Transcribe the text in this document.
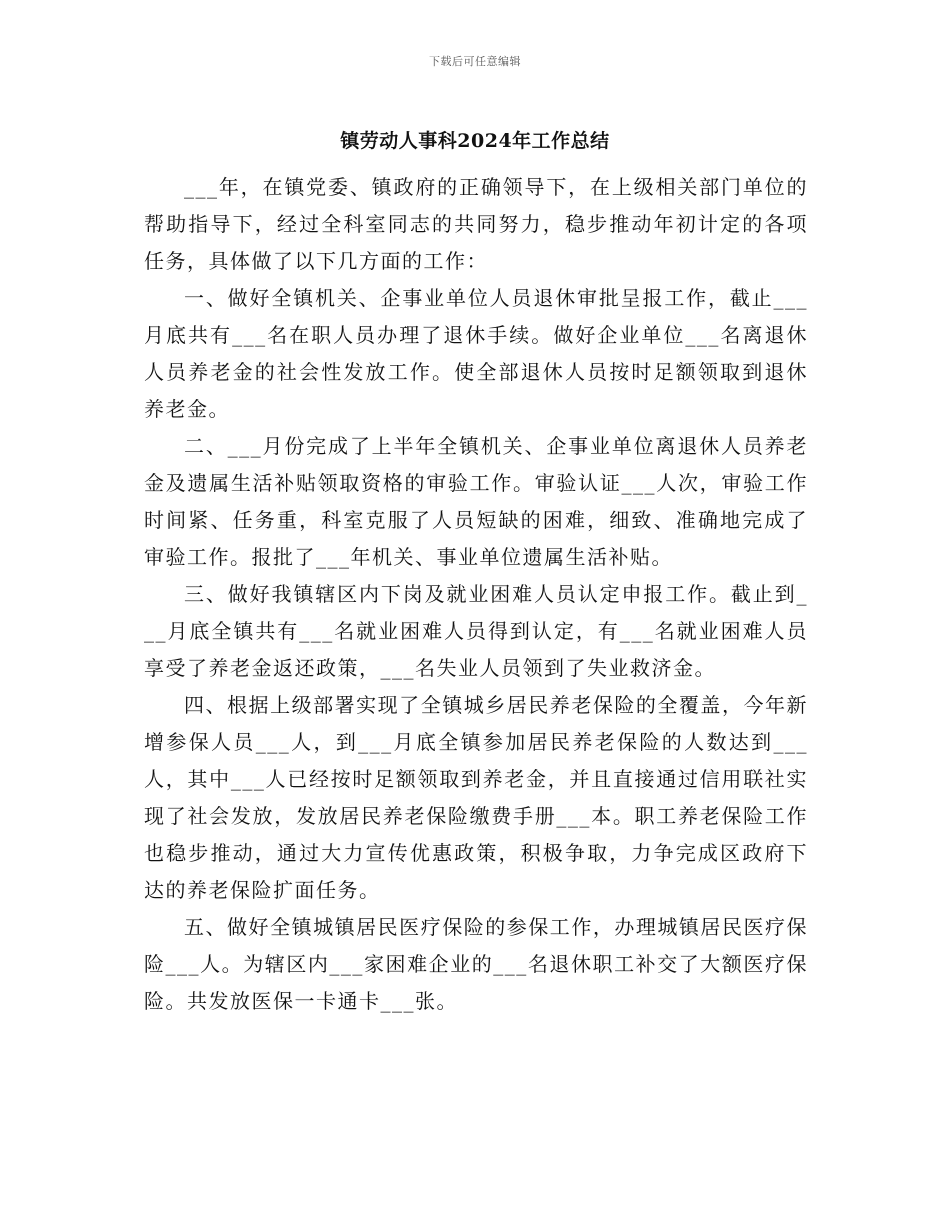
下载后可任意编辑
镇劳动人事科2024年工作总结

___年，在镇党委、镇政府的正确领导下，在上级相关部门单位的帮助指导下，经过全科室同志的共同努力，稳步推动年初计定的各项任务，具体做了以下几方面的工作：

一、做好全镇机关、企事业单位人员退休审批呈报工作，截止___月底共有___名在职人员办理了退休手续。做好企业单位___名离退休人员养老金的社会性发放工作。使全部退休人员按时足额领取到退休养老金。

二、___月份完成了上半年全镇机关、企事业单位离退休人员养老金及遗属生活补贴领取资格的审验工作。审验认证___人次，审验工作时间紧、任务重，科室克服了人员短缺的困难，细致、准确地完成了审验工作。报批了___年机关、事业单位遗属生活补贴。

三、做好我镇辖区内下岗及就业困难人员认定申报工作。截止到___月底全镇共有___名就业困难人员得到认定，有___名就业困难人员享受了养老金返还政策，___名失业人员领到了失业救济金。

四、根据上级部署实现了全镇城乡居民养老保险的全覆盖，今年新增参保人员___人，到___月底全镇参加居民养老保险的人数达到___人，其中___人已经按时足额领取到养老金，并且直接通过信用联社实现了社会发放，发放居民养老保险缴费手册___本。职工养老保险工作也稳步推动，通过大力宣传优惠政策，积极争取，力争完成区政府下达的养老保险扩面任务。

五、做好全镇城镇居民医疗保险的参保工作，办理城镇居民医疗保险___人。为辖区内___家困难企业的___名退休职工补交了大额医疗保险。共发放医保一卡通卡___张。
